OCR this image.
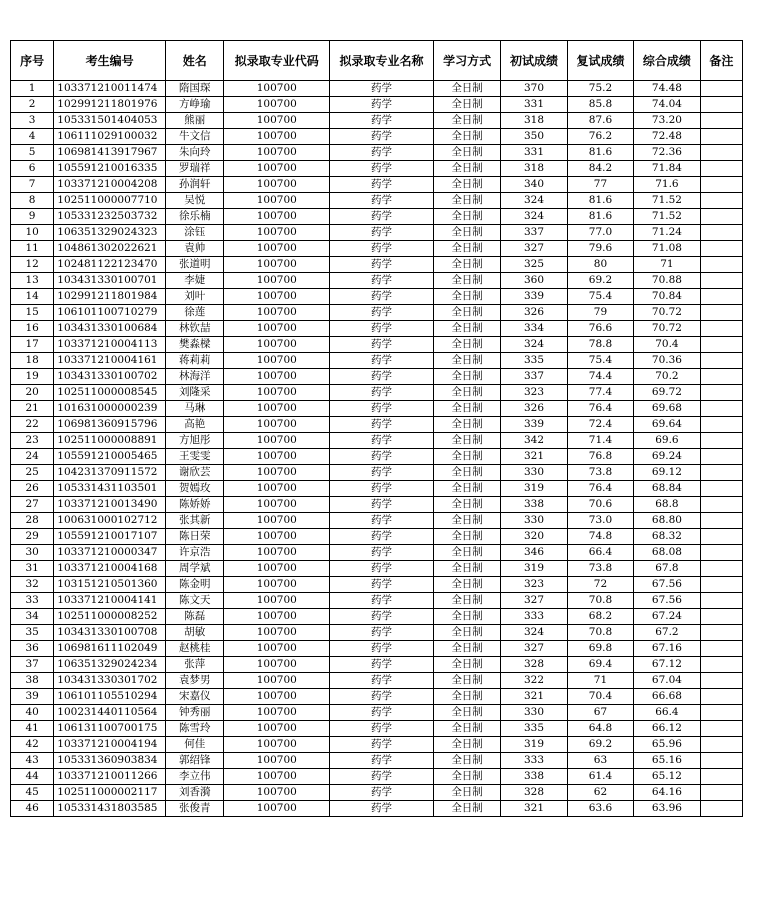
序号	考生编号	姓名	拟录取专业代码	拟录取专业名称	学习方式	初试成绩	复试成绩	综合成绩	备注
1	103371210011474	隋国琛	100700	药学	全日制	370	75.2	74.48	
2	102991211801976	方峥瑜	100700	药学	全日制	331	85.8	74.04	
3	105331501404053	熊丽	100700	药学	全日制	318	87.6	73.20	
4	106111029100032	牛文信	100700	药学	全日制	350	76.2	72.48	
5	106981413917967	朱向玲	100700	药学	全日制	331	81.6	72.36	
6	105591210016335	罗瑞祥	100700	药学	全日制	318	84.2	71.84	
7	103371210004208	孙润轩	100700	药学	全日制	340	77	71.6	
8	102511000007710	吴悦	100700	药学	全日制	324	81.6	71.52	
9	105331232503732	徐乐楠	100700	药学	全日制	324	81.6	71.52	
10	106351329024323	涂钰	100700	药学	全日制	337	77.0	71.24	
11	104861302022621	袁帅	100700	药学	全日制	327	79.6	71.08	
12	102481122123470	张道明	100700	药学	全日制	325	80	71	
13	103431330100701	李婕	100700	药学	全日制	360	69.2	70.88	
14	102991211801984	刘叶	100700	药学	全日制	339	75.4	70.84	
15	106101100710279	徐莲	100700	药学	全日制	326	79	70.72	
16	103431330100684	林钦喆	100700	药学	全日制	334	76.6	70.72	
17	103371210004113	樊淼樑	100700	药学	全日制	324	78.8	70.4	
18	103371210004161	蒋莉莉	100700	药学	全日制	335	75.4	70.36	
19	103431330100702	林海洋	100700	药学	全日制	337	74.4	70.2	
20	102511000008545	刘隆采	100700	药学	全日制	323	77.4	69.72	
21	101631000000239	马琳	100700	药学	全日制	326	76.4	69.68	
22	106981360915796	高艳	100700	药学	全日制	339	72.4	69.64	
23	102511000008891	方旭彤	100700	药学	全日制	342	71.4	69.6	
24	105591210005465	王雯雯	100700	药学	全日制	321	76.8	69.24	
25	104231370911572	谢欣芸	100700	药学	全日制	330	73.8	69.12	
26	105331431103501	贺嫣玫	100700	药学	全日制	319	76.4	68.84	
27	103371210013490	陈娇娇	100700	药学	全日制	338	70.6	68.8	
28	100631000102712	张其新	100700	药学	全日制	330	73.0	68.80	
29	105591210017107	陈日荣	100700	药学	全日制	320	74.8	68.32	
30	103371210000347	许京浩	100700	药学	全日制	346	66.4	68.08	
31	103371210004168	周学斌	100700	药学	全日制	319	73.8	67.8	
32	103151210501360	陈金明	100700	药学	全日制	323	72	67.56	
33	103371210004141	陈文天	100700	药学	全日制	327	70.8	67.56	
34	102511000008252	陈磊	100700	药学	全日制	333	68.2	67.24	
35	103431330100708	胡敏	100700	药学	全日制	324	70.8	67.2	
36	106981611102049	赵桃桂	100700	药学	全日制	327	69.8	67.16	
37	106351329024234	张萍	100700	药学	全日制	328	69.4	67.12	
38	103431330301702	袁梦男	100700	药学	全日制	322	71	67.04	
39	106101105510294	宋嘉仪	100700	药学	全日制	321	70.4	66.68	
40	100231440110564	钟秀丽	100700	药学	全日制	330	67	66.4	
41	106131100700175	陈雪玲	100700	药学	全日制	335	64.8	66.12	
42	103371210004194	何佳	100700	药学	全日制	319	69.2	65.96	
43	105331360903834	郭绍锋	100700	药学	全日制	333	63	65.16	
44	103371210011266	李立伟	100700	药学	全日制	338	61.4	65.12	
45	102511000002117	刘香漪	100700	药学	全日制	328	62	64.16	
46	105331431803585	张俊青	100700	药学	全日制	321	63.6	63.96	
